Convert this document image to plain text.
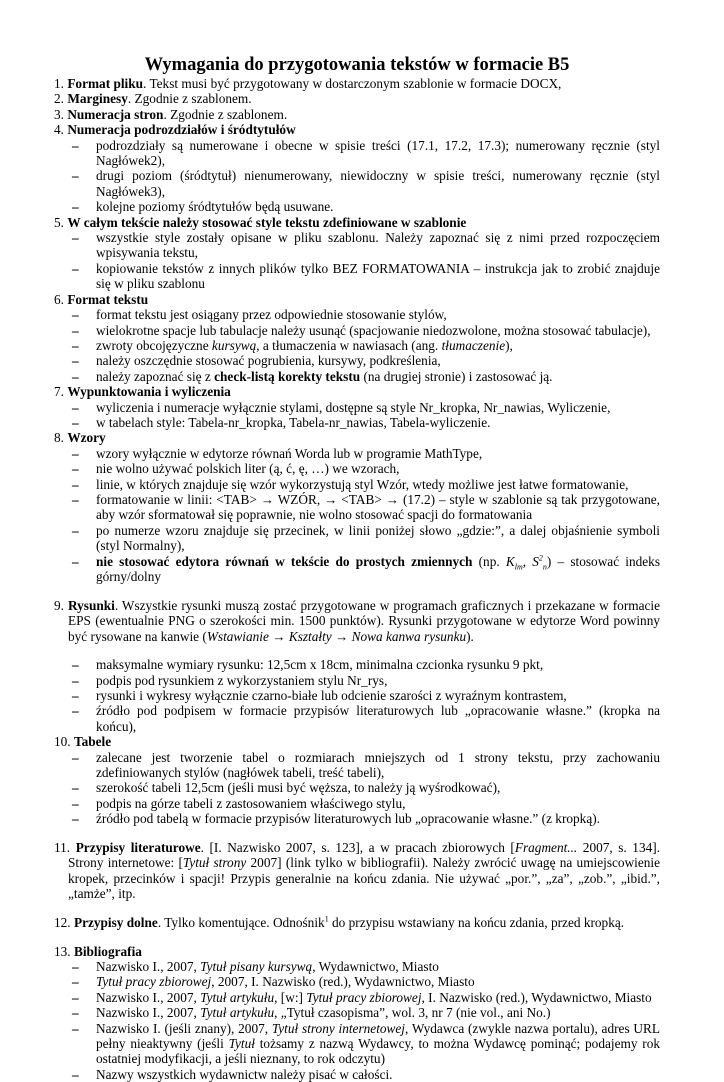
Wymagania do przygotowania tekstów w formacie B5

1. Format pliku. Tekst musi być przygotowany w dostarczonym szablonie w formacie DOCX,

2. Marginesy. Zgodnie z szablonem.

3. Numeracja stron. Zgodnie z szablonem.

4. Numeracja podrozdziałów i śródtytułów

– podrozdziały są numerowane i obecne w spisie treści (17.1, 17.2, 17.3); numerowany ręcznie (styl Nagłówek2),
– drugi poziom (śródtytuł) nienumerowany, niewidoczny w spisie treści, numerowany ręcznie (styl Nagłówek3),
– kolejne poziomy śródtytułów będą usuwane.

5. W całym tekście należy stosować style tekstu zdefiniowane w szablonie

– wszystkie style zostały opisane w pliku szablonu. Należy zapoznać się z nimi przed rozpoczęciem wpisywania tekstu,
– kopiowanie tekstów z innych plików tylko BEZ FORMATOWANIA – instrukcja jak to zrobić znajduje się w pliku szablonu

6. Format tekstu

– format tekstu jest osiągany przez odpowiednie stosowanie stylów,
– wielokrotne spacje lub tabulacje należy usunąć (spacjowanie niedozwolone, można stosować tabulacje),
– zwroty obcojęzyczne kursywą, a tłumaczenia w nawiasach (ang. tłumaczenie),
– należy oszczędnie stosować pogrubienia, kursywy, podkreślenia,
– należy zapoznać się z check-listą korekty tekstu (na drugiej stronie) i zastosować ją.

7. Wypunktowania i wyliczenia

– wyliczenia i numeracje wyłącznie stylami, dostępne są style Nr_kropka, Nr_nawias, Wyliczenie,
– w tabelach style: Tabela-nr_kropka, Tabela-nr_nawias, Tabela-wyliczenie.

8. Wzory

– wzory wyłącznie w edytorze równań Worda lub w programie MathType,
– nie wolno używać polskich liter (ą, ć, ę, …) we wzorach,
– linie, w których znajduje się wzór wykorzystują styl Wzór, wtedy możliwe jest łatwe formatowanie,
– formatowanie w linii: <TAB> → WZÓR, → <TAB> → (17.2) – style w szablonie są tak przygotowane, aby wzór sformatował się poprawnie, nie wolno stosować spacji do formatowania
– po numerze wzoru znajduje się przecinek, w linii poniżej słowo „gdzie:”, a dalej objaśnienie symboli (styl Normalny),
– nie stosować edytora równań w tekście do prostych zmiennych (np. $K_{lm}$, $S^2_n$) – stosować indeks górny/dolny

9. Rysunki. Wszystkie rysunki muszą zostać przygotowane w programach graficznych i przekazane w formacie EPS (ewentualnie PNG o szerokości min. 1500 punktów). Rysunki przygotowane w edytorze Word powinny być rysowane na kanwie (Wstawianie → Kształty → Nowa kanwa rysunku).

– maksymalne wymiary rysunku: 12,5cm x 18cm, minimalna czcionka rysunku 9 pkt,
– podpis pod rysunkiem z wykorzystaniem stylu Nr_rys,
– rysunki i wykresy wyłącznie czarno-białe lub odcienie szarości z wyraźnym kontrastem,
– źródło pod podpisem w formacie przypisów literaturowych lub „opracowanie własne.” (kropka na końcu),

10. Tabele

– zalecane jest tworzenie tabel o rozmiarach mniejszych od 1 strony tekstu, przy zachowaniu zdefiniowanych stylów (nagłówek tabeli, treść tabeli),
– szerokość tabeli 12,5cm (jeśli musi być węższa, to należy ją wyśrodkować),
– podpis na górze tabeli z zastosowaniem właściwego stylu,
– źródło pod tabelą w formacie przypisów literaturowych lub „opracowanie własne.” (z kropką).

11. Przypisy literaturowe. [I. Nazwisko 2007, s. 123], a w pracach zbiorowych [Fragment... 2007, s. 134]. Strony internetowe: [Tytuł strony 2007] (link tylko w bibliografii). Należy zwrócić uwagę na umiejscowienie kropek, przecinków i spacji! Przypis generalnie na końcu zdania. Nie używać „por.”, „za”, „zob.”, „ibid.”, „tamże”, itp.

12. Przypisy dolne. Tylko komentujące. Odnośnik$^1$ do przypisu wstawiany na końcu zdania, przed kropką.

13. Bibliografia

– Nazwisko I., 2007, Tytuł pisany kursywą, Wydawnictwo, Miasto
– Tytuł pracy zbiorowej, 2007, I. Nazwisko (red.), Wydawnictwo, Miasto
– Nazwisko I., 2007, Tytuł artykułu, [w:] Tytuł pracy zbiorowej, I. Nazwisko (red.), Wydawnictwo, Miasto
– Nazwisko I., 2007, Tytuł artykułu, „Tytuł czasopisma”, wol. 3, nr 7 (nie vol., ani No.)
– Nazwisko I. (jeśli znany), 2007, Tytuł strony internetowej, Wydawca (zwykle nazwa portalu), adres URL pełny nieaktywny (jeśli Tytuł tożsamy z nazwą Wydawcy, to można Wydawcę pominąć; podajemy rok ostatniej modyfikacji, a jeśli nieznany, to rok odczytu)
– Nazwy wszystkich wydawnictw należy pisać w całości.
